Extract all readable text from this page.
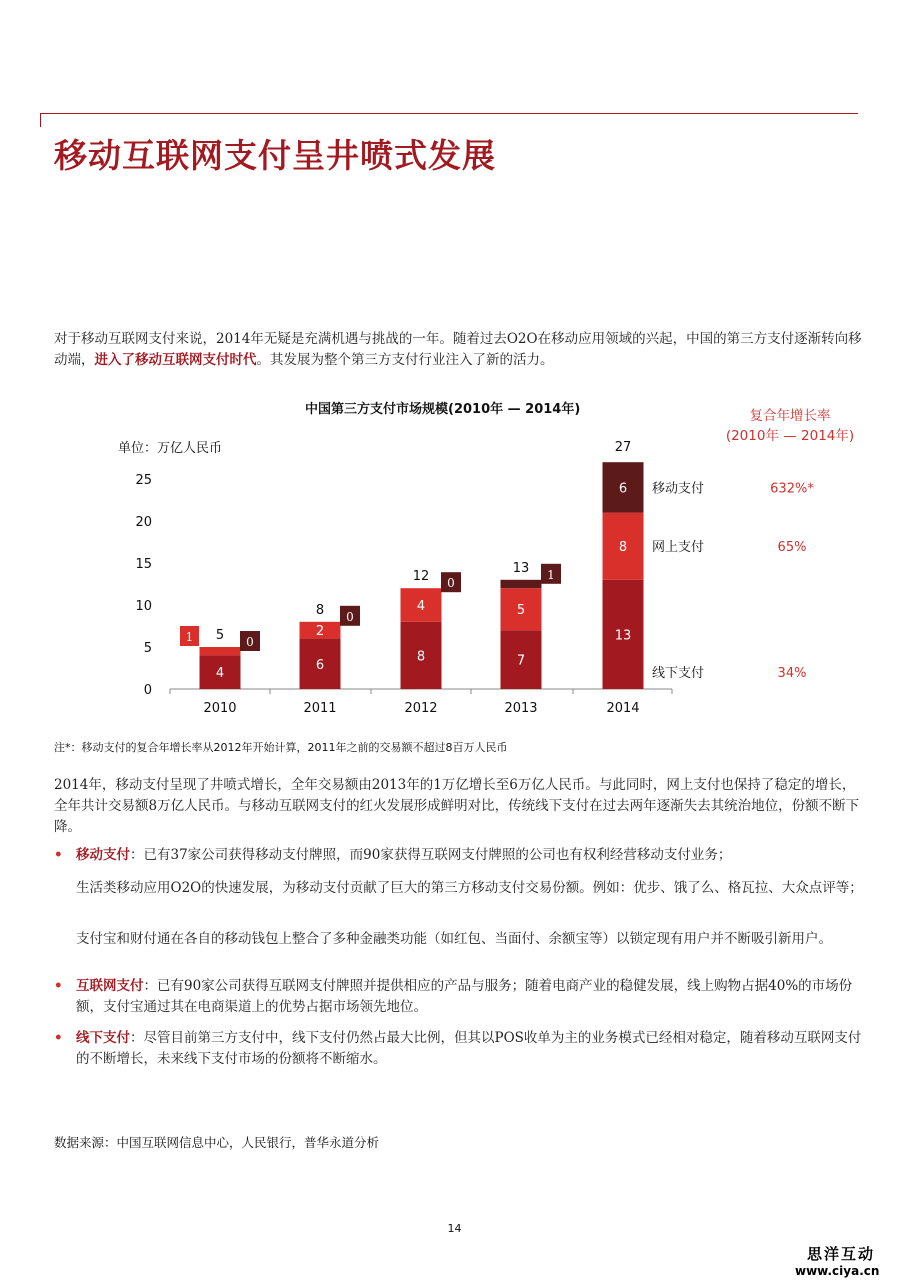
移动互联网支付呈井喷式发展
对于移动互联网支付来说，2014年无疑是充满机遇与挑战的一年。随着过去O2O在移动应用领域的兴起，中国的第三方支付逐渐转向移动端，进入了移动互联网支付时代。其发展为整个第三方支付行业注入了新的活力。
中国第三方支付市场规模(2010年 — 2014年)	复合年增长率
(2010年 — 2014年)
单位：万亿人民币
2010	2011	2012	2013	2014
0
5
10
15
20
25
4
1	0
5
6
2
0
8
8
4
0
12
7
5
1
13
13
8
6
27
线下支付
网上支付
移动支付	632%*
65%
34%
注*：移动支付的复合年增长率从2012年开始计算，2011年之前的交易额不超过8百万人民币
2014年，移动支付呈现了井喷式增长，全年交易额由2013年的1万亿增长至6万亿人民币。与此同时，网上支付也保持了稳定的增长，全年共计交易额8万亿人民币。与移动互联网支付的红火发展形成鲜明对比，传统线下支付在过去两年逐渐失去其统治地位，份额不断下降。
• 移动支付：已有37家公司获得移动支付牌照，而90家获得互联网支付牌照的公司也有权利经营移动支付业务；
生活类移动应用O2O的快速发展，为移动支付贡献了巨大的第三方移动支付交易份额。例如：优步、饿了么、格瓦拉、大众点评等；
支付宝和财付通在各自的移动钱包上整合了多种金融类功能（如红包、当面付、余额宝等）以锁定现有用户并不断吸引新用户。
• 互联网支付：已有90家公司获得互联网支付牌照并提供相应的产品与服务；随着电商产业的稳健发展，线上购物占据40%的市场份额，支付宝通过其在电商渠道上的优势占据市场领先地位。
• 线下支付：尽管目前第三方支付中，线下支付仍然占最大比例，但其以POS收单为主的业务模式已经相对稳定，随着移动互联网支付的不断增长，未来线下支付市场的份额将不断缩水。
数据来源：中国互联网信息中心，人民银行，普华永道分析
14
思洋互动
www.ciya.cn
